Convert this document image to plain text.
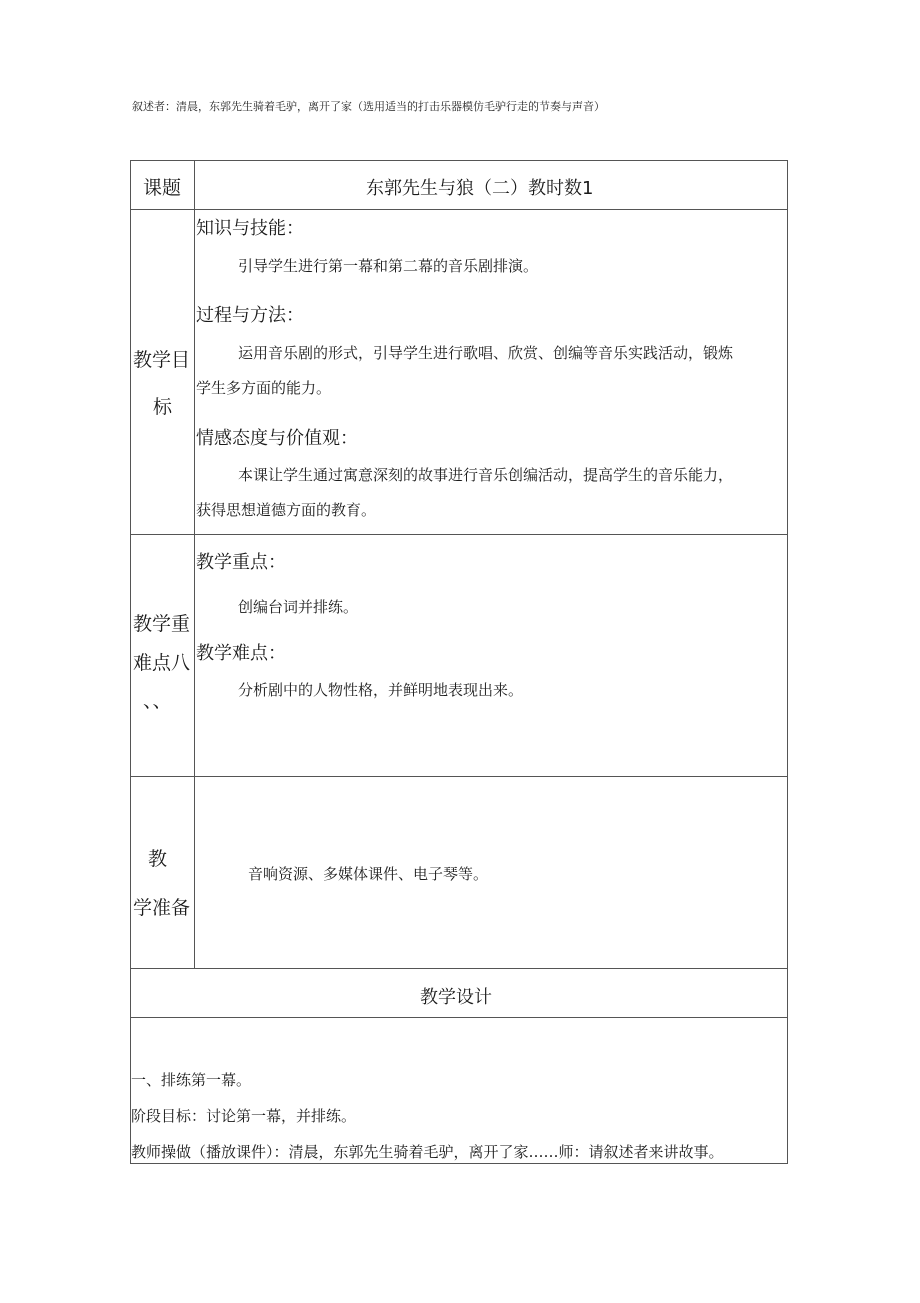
叙述者：清晨，东郭先生骑着毛驴，离开了家（选用适当的打击乐器模仿毛驴行走的节奏与声音）
课题	东郭先生与狼（二）教时数1
教学目
标
知识与技能：
引导学生进行第一幕和第二幕的音乐剧排演。
过程与方法：
运用音乐剧的形式，引导学生进行歌唱、欣赏、创编等音乐实践活动，锻炼
学生多方面的能力。
情感态度与价值观：
本课让学生通过寓意深刻的故事进行音乐创编活动，提高学生的音乐能力，
获得思想道德方面的教育。
教学重
难点八
、、
教学重点：
创编台词并排练。
教学难点：
分析剧中的人物性格，并鲜明地表现出来。
教
学准备
音响资源、多媒体课件、电子琴等。
教学设计
一、排练第一幕。
阶段目标：讨论第一幕，并排练。
教师操做（播放课件）：清晨，东郭先生骑着毛驴，离开了家……师：请叙述者来讲故事。
